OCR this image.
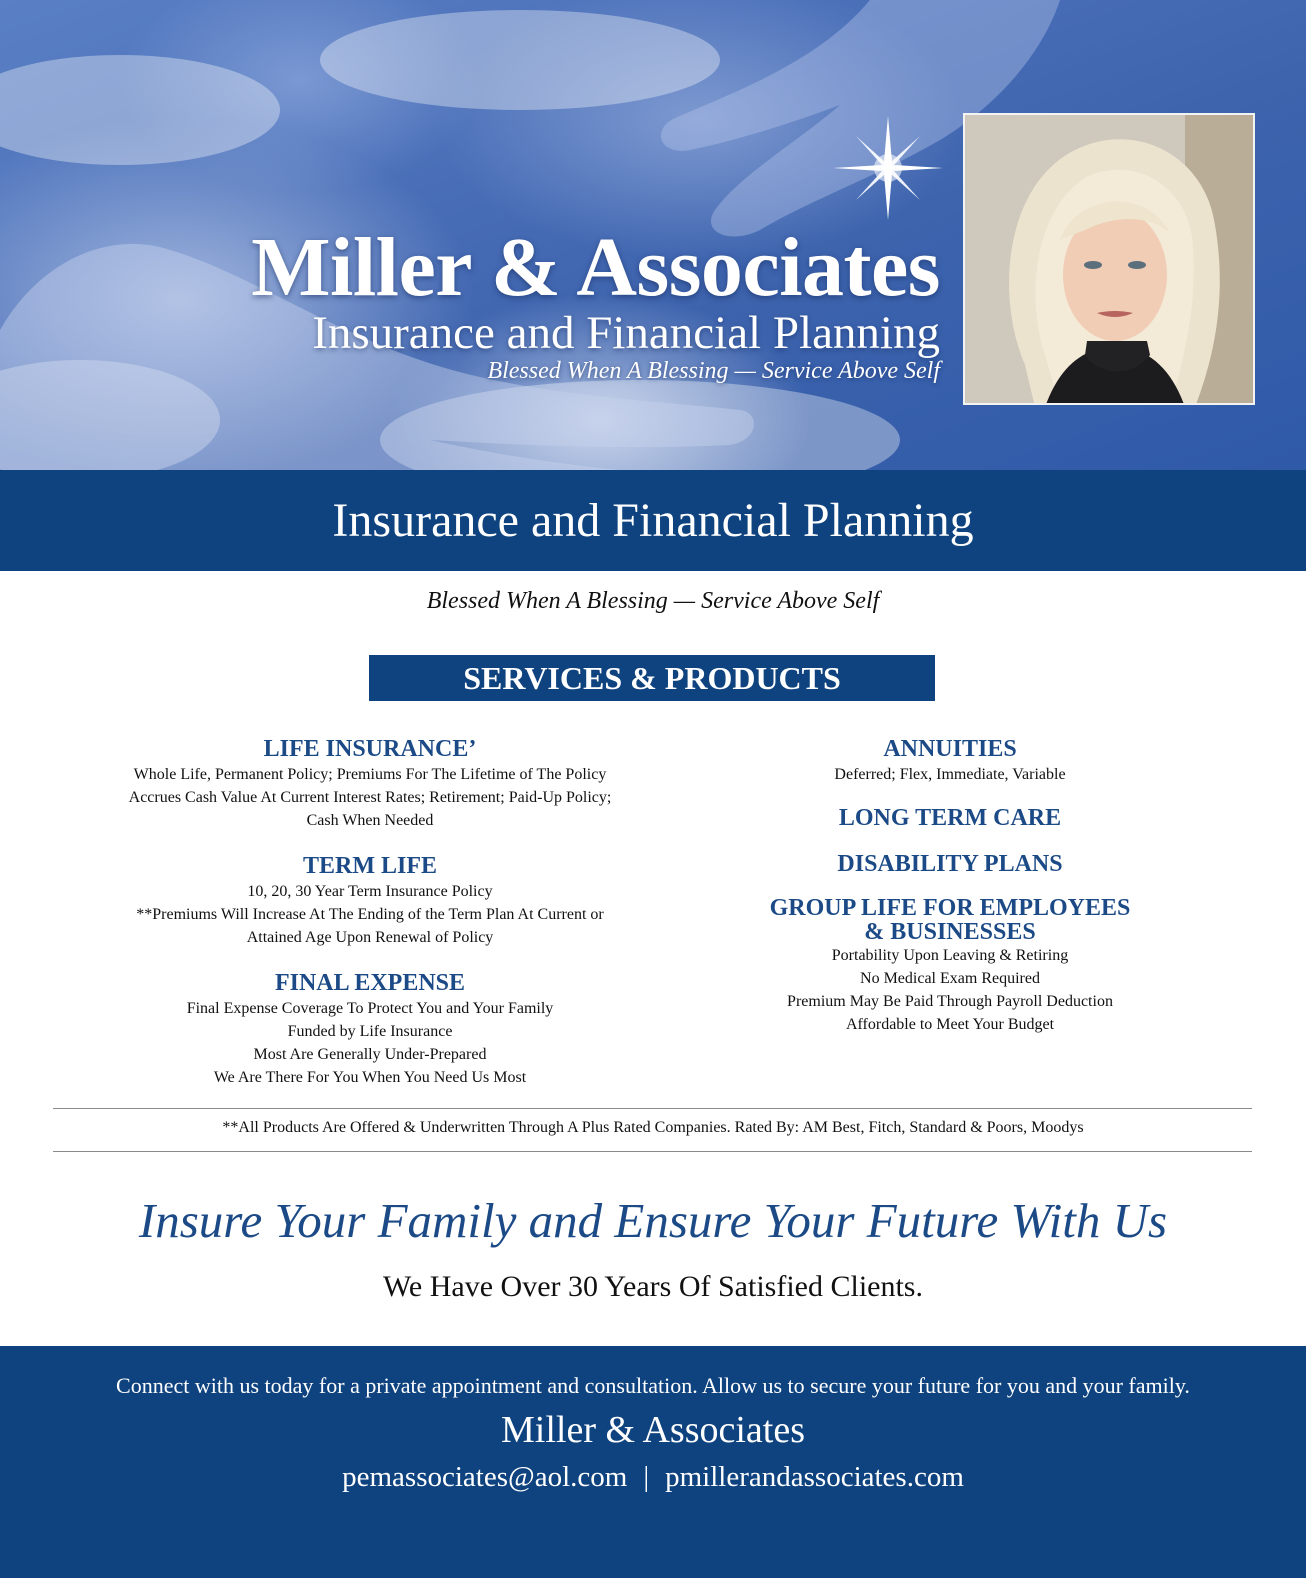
Miller & Associates
Insurance and Financial Planning
Blessed When A Blessing — Service Above Self
Insurance and Financial Planning
Blessed When A Blessing — Service Above Self
SERVICES & PRODUCTS
LIFE INSURANCE’
Whole Life, Permanent Policy; Premiums For The Lifetime of The Policy
Accrues Cash Value At Current Interest Rates; Retirement; Paid-Up Policy;
Cash When Needed
TERM LIFE
10, 20, 30 Year Term Insurance Policy
**Premiums Will Increase At The Ending of the Term Plan At Current or
Attained Age Upon Renewal of Policy
FINAL EXPENSE
Final Expense Coverage To Protect You and Your Family
Funded by Life Insurance
Most Are Generally Under-Prepared
We Are There For You When You Need Us Most
ANNUITIES
Deferred; Flex, Immediate, Variable
LONG TERM CARE
DISABILITY PLANS
GROUP LIFE FOR EMPLOYEES
& BUSINESSES
Portability Upon Leaving & Retiring
No Medical Exam Required
Premium May Be Paid Through Payroll Deduction
Affordable to Meet Your Budget
**All Products Are Offered & Underwritten Through A Plus Rated Companies. Rated By: AM Best, Fitch, Standard & Poors, Moodys
Insure Your Family and Ensure Your Future With Us
We Have Over 30 Years Of Satisfied Clients.
Connect with us today for a private appointment and consultation. Allow us to secure your future for you and your family.
Miller & Associates
pemassociates@aol.com | pmillerandassociates.com
